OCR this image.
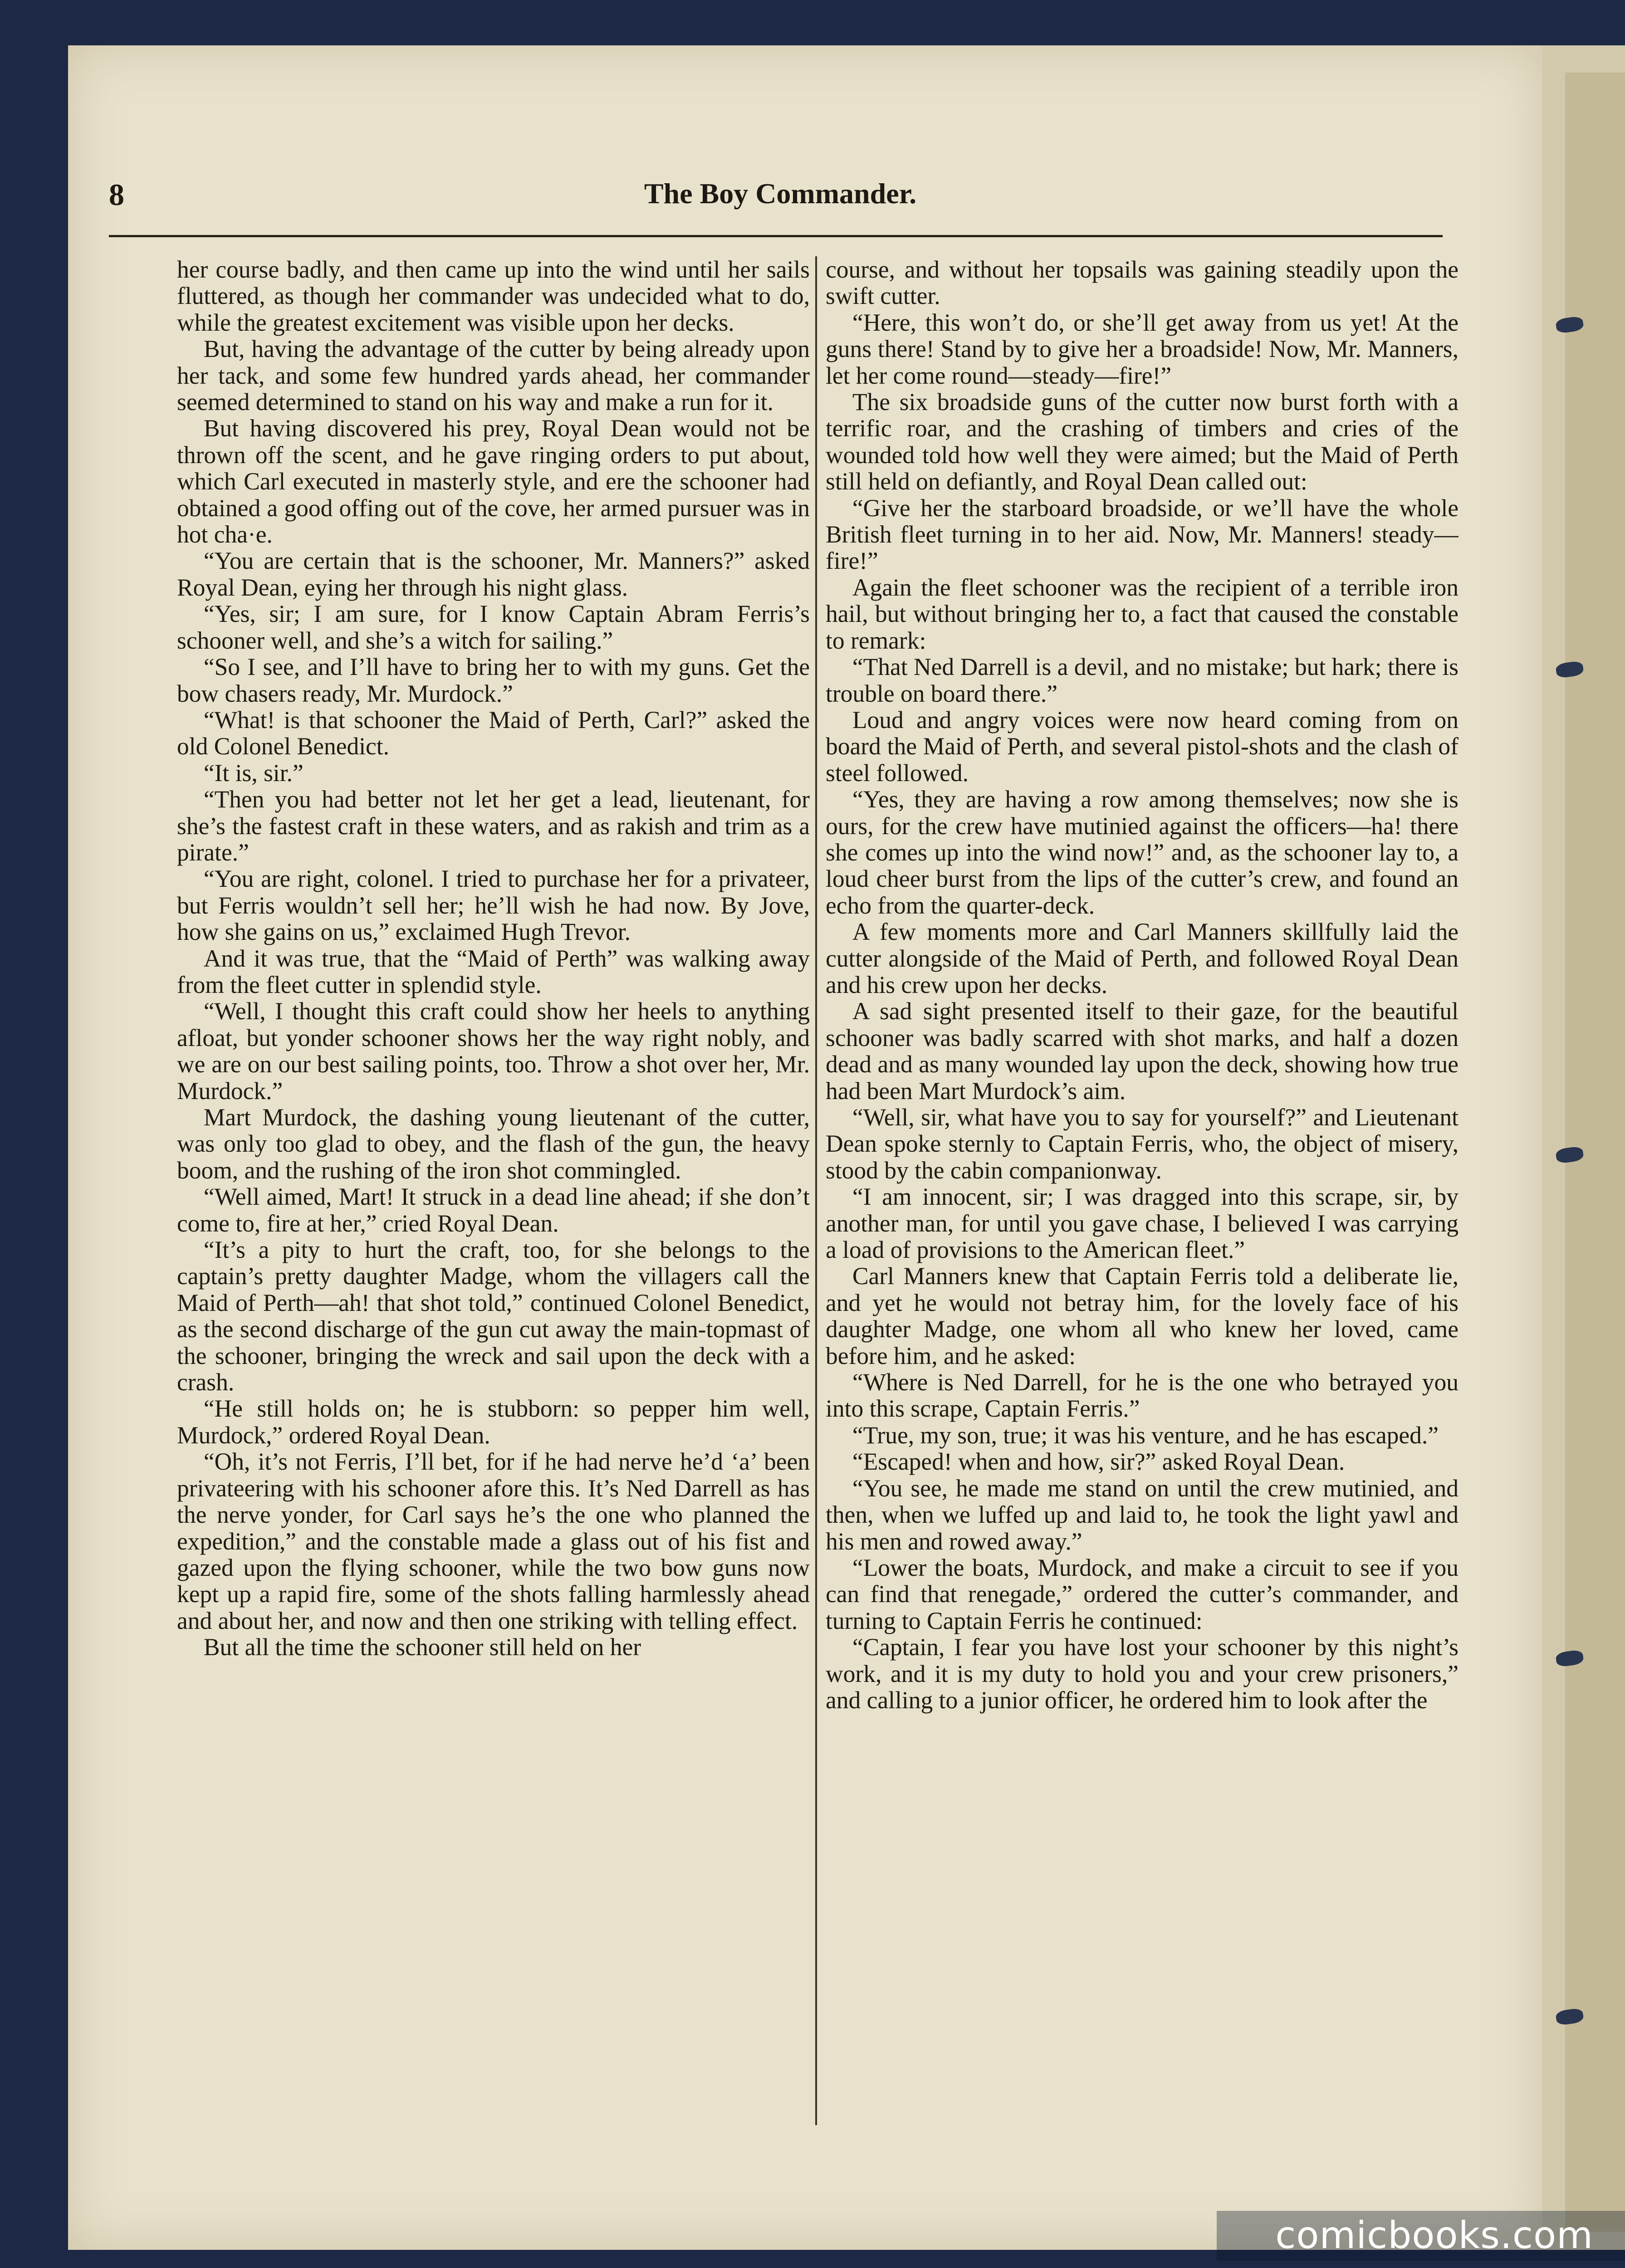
8	The Boy Commander.

her course badly, and then came up into the wind until her sails fluttered, as though her commander was undecided what to do, while the greatest excitement was visible upon her decks.

But, having the advantage of the cutter by being already upon her tack, and some few hundred yards ahead, her commander seemed determined to stand on his way and make a run for it.

But having discovered his prey, Royal Dean would not be thrown off the scent, and he gave ringing orders to put about, which Carl executed in masterly style, and ere the schooner had obtained a good offing out of the cove, her armed pursuer was in hot cha·e.

“You are certain that is the schooner, Mr. Manners?” asked Royal Dean, eying her through his night glass.

“Yes, sir; I am sure, for I know Captain Abram Ferris’s schooner well, and she’s a witch for sailing.”

“So I see, and I’ll have to bring her to with my guns. Get the bow chasers ready, Mr. Murdock.”

“What! is that schooner the Maid of Perth, Carl?” asked the old Colonel Benedict.

“It is, sir.”

“Then you had better not let her get a lead, lieutenant, for she’s the fastest craft in these waters, and as rakish and trim as a pirate.”

“You are right, colonel. I tried to purchase her for a privateer, but Ferris wouldn’t sell her; he’ll wish he had now. By Jove, how she gains on us,” exclaimed Hugh Trevor.

And it was true, that the “Maid of Perth” was walking away from the fleet cutter in splendid style.

“Well, I thought this craft could show her heels to anything afloat, but yonder schooner shows her the way right nobly, and we are on our best sailing points, too. Throw a shot over her, Mr. Murdock.”

Mart Murdock, the dashing young lieutenant of the cutter, was only too glad to obey, and the flash of the gun, the heavy boom, and the rushing of the iron shot commingled.

“Well aimed, Mart! It struck in a dead line ahead; if she don’t come to, fire at her,” cried Royal Dean.

“It’s a pity to hurt the craft, too, for she belongs to the captain’s pretty daughter Madge, whom the villagers call the Maid of Perth—ah! that shot told,” continued Colonel Benedict, as the second discharge of the gun cut away the main-topmast of the schooner, bringing the wreck and sail upon the deck with a crash.

“He still holds on; he is stubborn: so pepper him well, Murdock,” ordered Royal Dean.

“Oh, it’s not Ferris, I’ll bet, for if he had nerve he’d ‘a’ been privateering with his schooner afore this. It’s Ned Darrell as has the nerve yonder, for Carl says he’s the one who planned the expedition,” and the constable made a glass out of his fist and gazed upon the flying schooner, while the two bow guns now kept up a rapid fire, some of the shots falling harmlessly ahead and about her, and now and then one striking with telling effect.

But all the time the schooner still held on her

course, and without her topsails was gaining steadily upon the swift cutter.

“Here, this won’t do, or she’ll get away from us yet! At the guns there! Stand by to give her a broadside! Now, Mr. Manners, let her come round—steady—fire!”

The six broadside guns of the cutter now burst forth with a terrific roar, and the crashing of timbers and cries of the wounded told how well they were aimed; but the Maid of Perth still held on defiantly, and Royal Dean called out:

“Give her the starboard broadside, or we’ll have the whole British fleet turning in to her aid. Now, Mr. Manners! steady—fire!”

Again the fleet schooner was the recipient of a terrible iron hail, but without bringing her to, a fact that caused the constable to remark:

“That Ned Darrell is a devil, and no mistake; but hark; there is trouble on board there.”

Loud and angry voices were now heard coming from on board the Maid of Perth, and several pistol-shots and the clash of steel followed.

“Yes, they are having a row among themselves; now she is ours, for the crew have mutinied against the officers—ha! there she comes up into the wind now!” and, as the schooner lay to, a loud cheer burst from the lips of the cutter’s crew, and found an echo from the quarter-deck.

A few moments more and Carl Manners skillfully laid the cutter alongside of the Maid of Perth, and followed Royal Dean and his crew upon her decks.

A sad sight presented itself to their gaze, for the beautiful schooner was badly scarred with shot marks, and half a dozen dead and as many wounded lay upon the deck, showing how true had been Mart Murdock’s aim.

“Well, sir, what have you to say for yourself?” and Lieutenant Dean spoke sternly to Captain Ferris, who, the object of misery, stood by the cabin companionway.

“I am innocent, sir; I was dragged into this scrape, sir, by another man, for until you gave chase, I believed I was carrying a load of provisions to the American fleet.”

Carl Manners knew that Captain Ferris told a deliberate lie, and yet he would not betray him, for the lovely face of his daughter Madge, one whom all who knew her loved, came before him, and he asked:

“Where is Ned Darrell, for he is the one who betrayed you into this scrape, Captain Ferris.”

“True, my son, true; it was his venture, and he has escaped.”

“Escaped! when and how, sir?” asked Royal Dean.

“You see, he made me stand on until the crew mutinied, and then, when we luffed up and laid to, he took the light yawl and his men and rowed away.”

“Lower the boats, Murdock, and make a circuit to see if you can find that renegade,” ordered the cutter’s commander, and turning to Captain Ferris he continued:

“Captain, I fear you have lost your schooner by this night’s work, and it is my duty to hold you and your crew prisoners,” and calling to a junior officer, he ordered him to look after the

comicbooks.com
